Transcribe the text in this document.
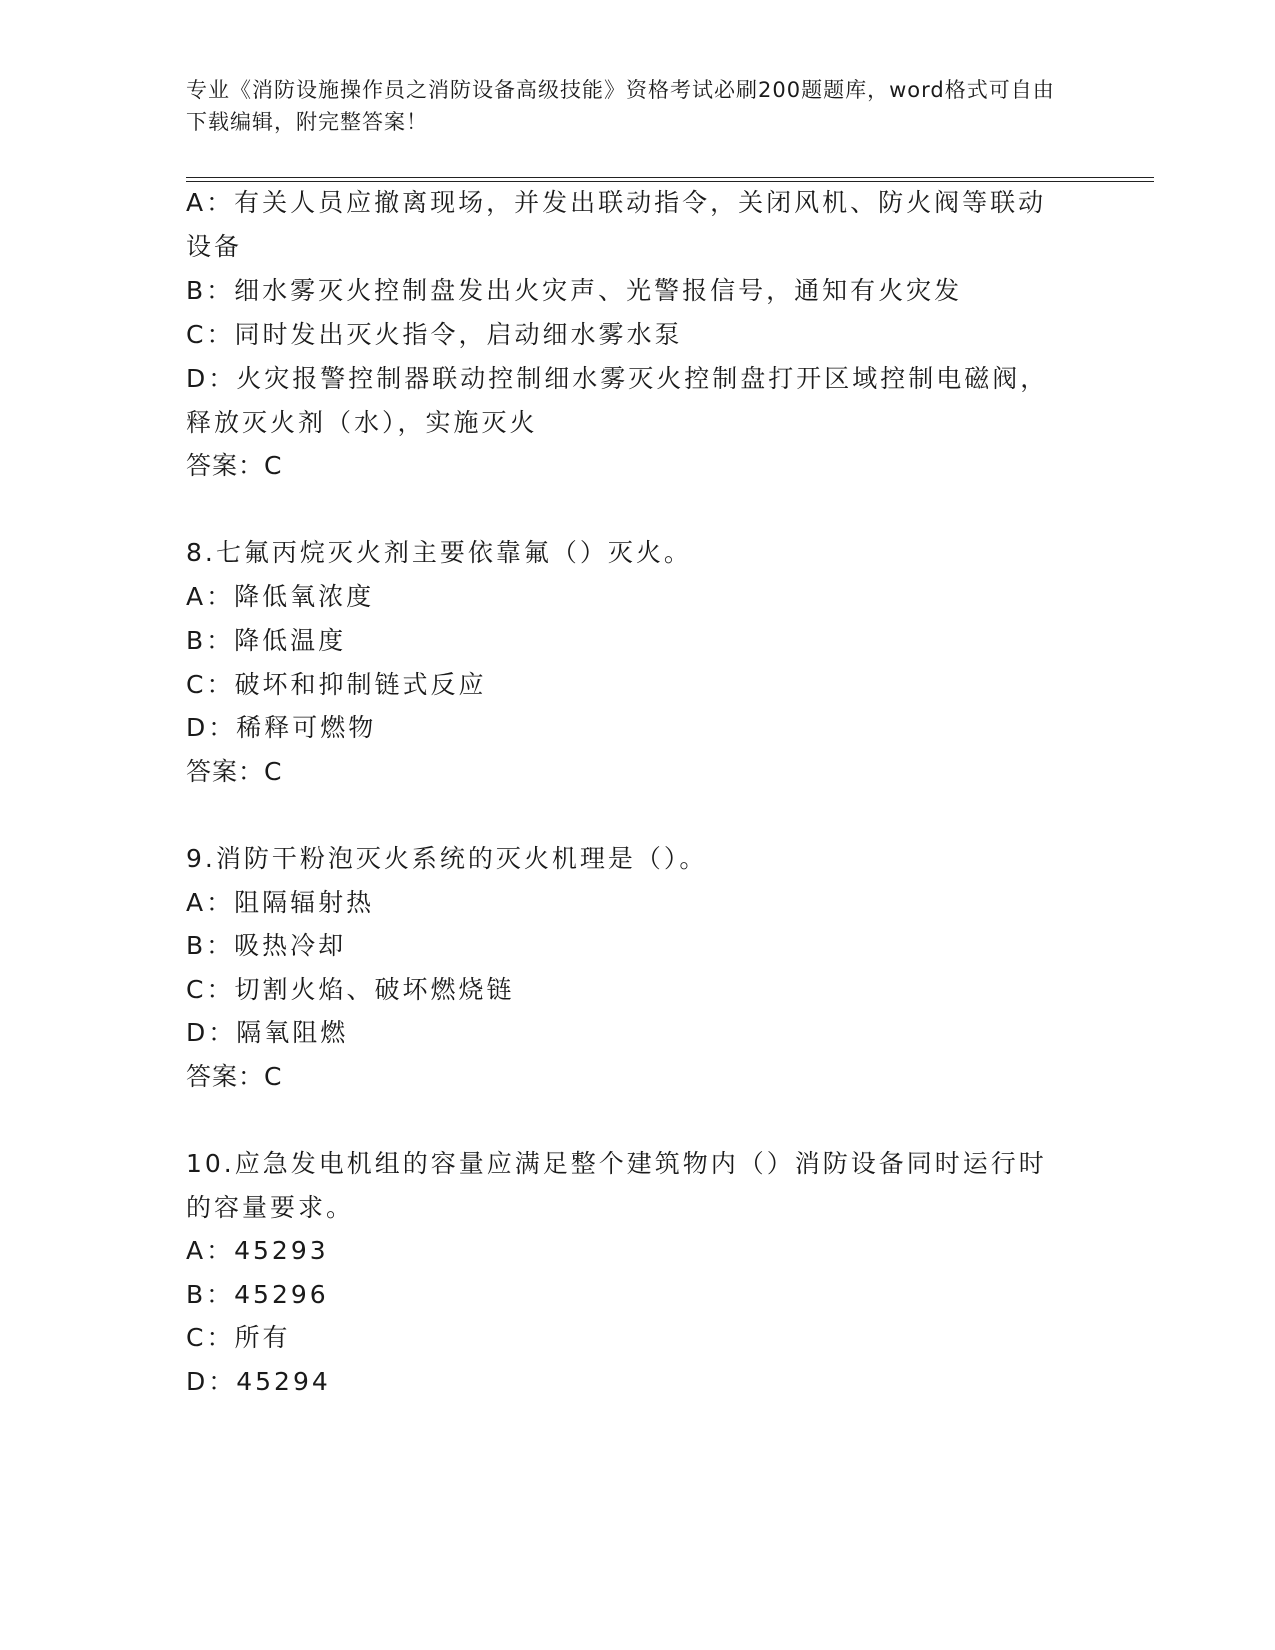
专业《消防设施操作员之消防设备高级技能》资格考试必刷200题题库，word格式可自由下载编辑，附完整答案！

A：有关人员应撤离现场，并发出联动指令，关闭风机、防火阀等联动
设备
B：细水雾灭火控制盘发出火灾声、光警报信号，通知有火灾发
C：同时发出灭火指令，启动细水雾水泵
D：火灾报警控制器联动控制细水雾灭火控制盘打开区域控制电磁阀，
释放灭火剂（水），实施灭火
答案：C
8.七氟丙烷灭火剂主要依靠氟（）灭火。
A：降低氧浓度
B：降低温度
C：破坏和抑制链式反应
D：稀释可燃物
答案：C
9.消防干粉泡灭火系统的灭火机理是（）。
A：阻隔辐射热
B：吸热冷却
C：切割火焰、破坏燃烧链
D：隔氧阻燃
答案：C
10.应急发电机组的容量应满足整个建筑物内（）消防设备同时运行时
的容量要求。
A：45293
B：45296
C：所有
D：45294
